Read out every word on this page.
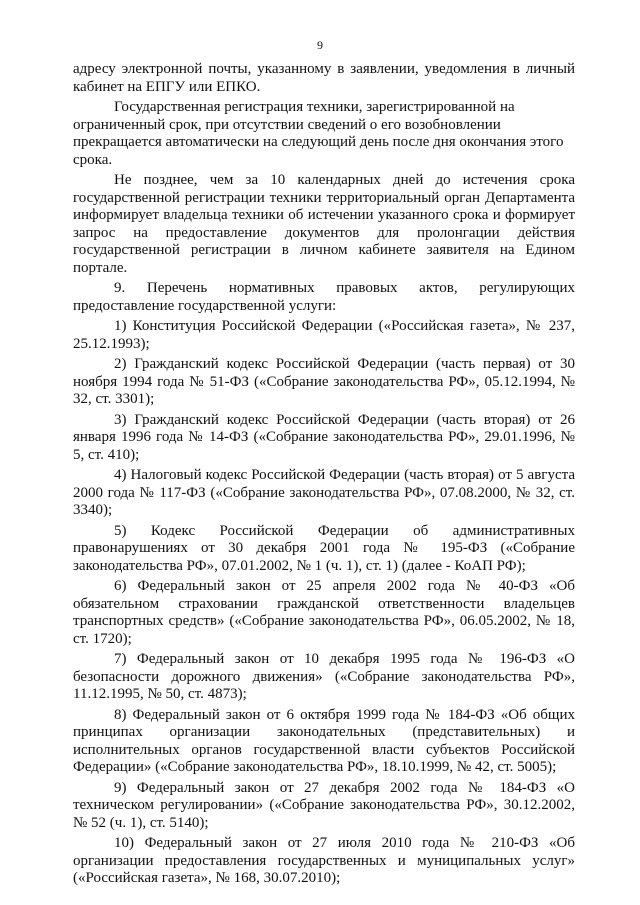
9

адресу электронной почты, указанному в заявлении, уведомления в личный кабинет на ЕПГУ или ЕПКО.

Государственная регистрация техники, зарегистрированной на ограниченный срок, при отсутствии сведений о его возобновлении прекращается автоматически на следующий день после дня окончания этого срока.

Не позднее, чем за 10 календарных дней до истечения срока государственной регистрации техники территориальный орган Департамента информирует владельца техники об истечении указанного срока и формирует запрос на предоставление документов для пролонгации действия государственной регистрации в личном кабинете заявителя на Едином портале.

9. Перечень нормативных правовых актов, регулирующих предоставление государственной услуги:

1) Конституция Российской Федерации («Российская газета», № 237, 25.12.1993);

2) Гражданский кодекс Российской Федерации (часть первая) от 30 ноября 1994 года № 51-ФЗ («Собрание законодательства РФ», 05.12.1994, № 32, ст. 3301);

3) Гражданский кодекс Российской Федерации (часть вторая) от 26 января 1996 года № 14-ФЗ («Собрание законодательства РФ», 29.01.1996, № 5, ст. 410);

4) Налоговый кодекс Российской Федерации (часть вторая) от 5 августа 2000 года № 117-ФЗ («Собрание законодательства РФ», 07.08.2000, № 32, ст. 3340);

5) Кодекс Российской Федерации об административных правонарушениях от 30 декабря 2001 года № 195-ФЗ («Собрание законодательства РФ», 07.01.2002, № 1 (ч. 1), ст. 1) (далее - КоАП РФ);

6) Федеральный закон от 25 апреля 2002 года № 40-ФЗ «Об обязательном страховании гражданской ответственности владельцев транспортных средств» («Собрание законодательства РФ», 06.05.2002, № 18, ст. 1720);

7) Федеральный закон от 10 декабря 1995 года № 196-ФЗ «О безопасности дорожного движения» («Собрание законодательства РФ», 11.12.1995, № 50, ст. 4873);

8) Федеральный закон от 6 октября 1999 года № 184-ФЗ «Об общих принципах организации законодательных (представительных) и исполнительных органов государственной власти субъектов Российской Федерации» («Собрание законодательства РФ», 18.10.1999, № 42, ст. 5005);

9) Федеральный закон от 27 декабря 2002 года № 184-ФЗ «О техническом регулировании» («Собрание законодательства РФ», 30.12.2002, № 52 (ч. 1), ст. 5140);

10) Федеральный закон от 27 июля 2010 года № 210-ФЗ «Об организации предоставления государственных и муниципальных услуг» («Российская газета», № 168, 30.07.2010);
